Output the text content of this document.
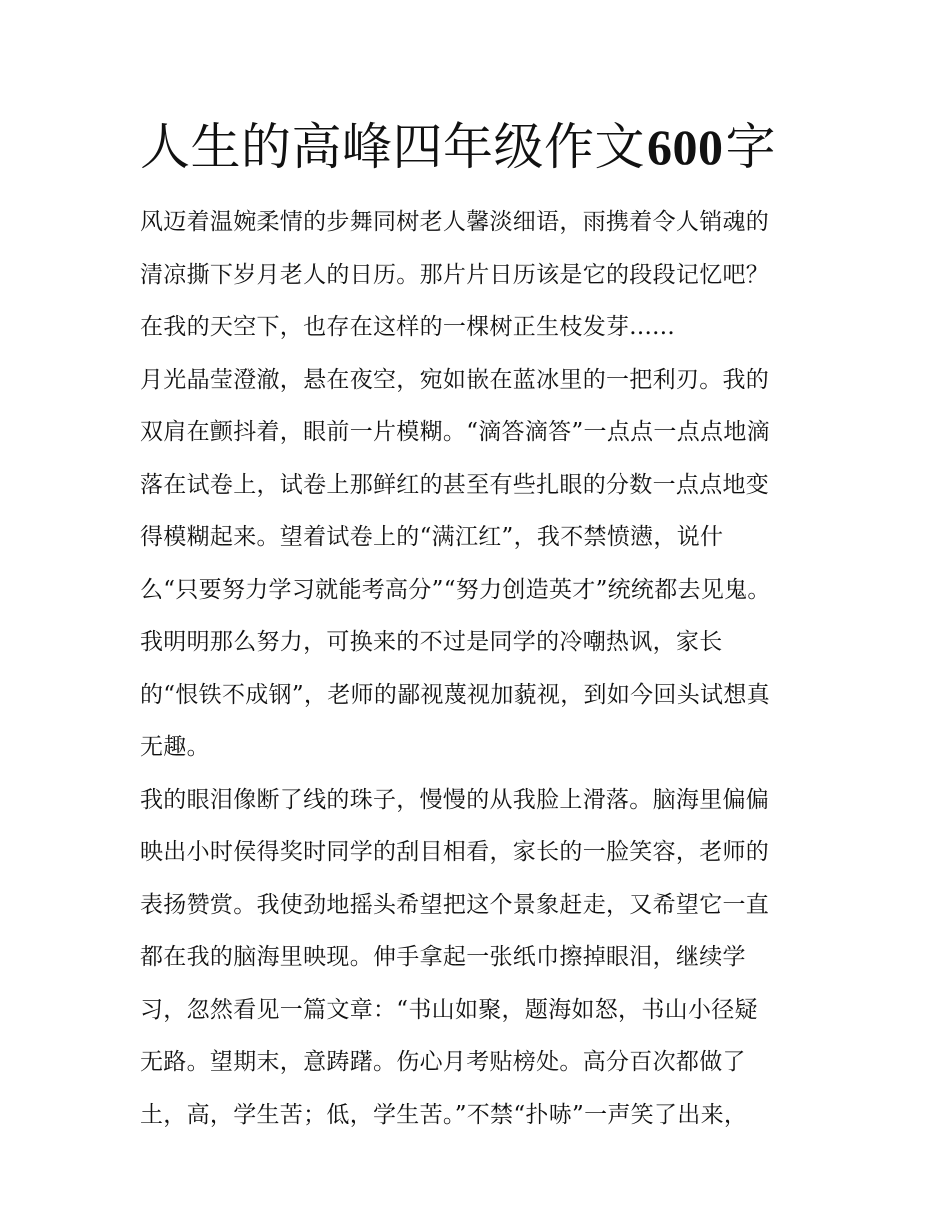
人生的高峰四年级作文600字
风迈着温婉柔情的步舞同树老人馨淡细语，雨携着令人销魂的
清凉撕下岁月老人的日历。那片片日历该是它的段段记忆吧？
在我的天空下，也存在这样的一棵树正生枝发芽......
月光晶莹澄澈，悬在夜空，宛如嵌在蓝冰里的一把利刃。我的
双肩在颤抖着，眼前一片模糊。“滴答滴答”一点点一点点地滴
落在试卷上，试卷上那鲜红的甚至有些扎眼的分数一点点地变
得模糊起来。望着试卷上的“满江红”，我不禁愤懑，说什
么“只要努力学习就能考高分”“努力创造英才”统统都去见鬼。
我明明那么努力，可换来的不过是同学的冷嘲热讽，家长
的“恨铁不成钢”，老师的鄙视蔑视加藐视，到如今回头试想真
无趣。
我的眼泪像断了线的珠子，慢慢的从我脸上滑落。脑海里偏偏
映出小时侯得奖时同学的刮目相看，家长的一脸笑容，老师的
表扬赞赏。我使劲地摇头希望把这个景象赶走，又希望它一直
都在我的脑海里映现。伸手拿起一张纸巾擦掉眼泪，继续学
习，忽然看见一篇文章：“书山如聚，题海如怒，书山小径疑
无路。望期末，意踌躇。伤心月考贴榜处。高分百次都做了
土，高，学生苦；低，学生苦。”不禁“扑哧”一声笑了出来，
